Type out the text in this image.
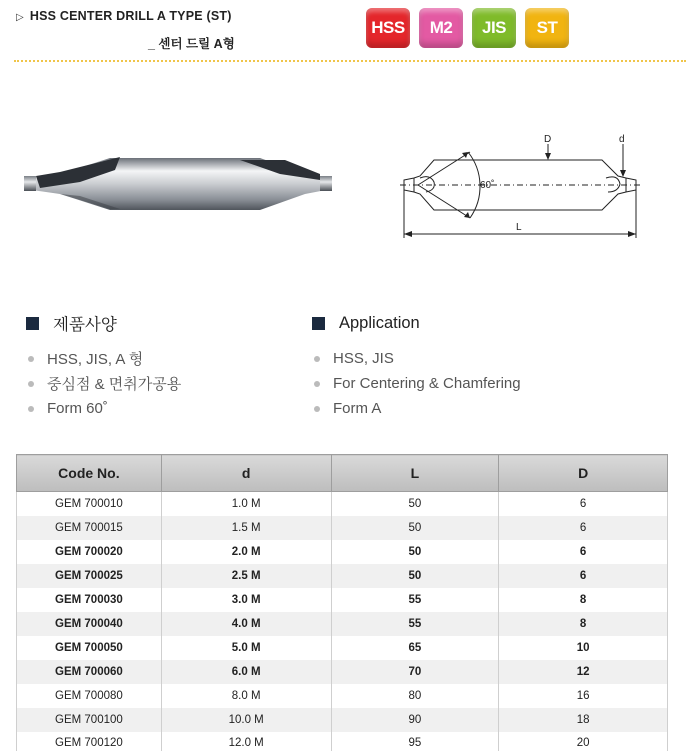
▷ HSS CENTER DRILL A TYPE (ST)
_ 센터 드릴 A형
HSS	M2	JIS	ST
D	d
L
60˚
제품사양
HSS, JIS, A 형
중심점 & 면취가공용
Form 60˚
Application
HSS, JIS
For Centering & Chamfering
Form A
Code No.	d	L	D
GEM 700010	1.0 M	50	6
GEM 700015	1.5 M	50	6
GEM 700020	2.0 M	50	6
GEM 700025	2.5 M	50	6
GEM 700030	3.0 M	55	8
GEM 700040	4.0 M	55	8
GEM 700050	5.0 M	65	10
GEM 700060	6.0 M	70	12
GEM 700080	8.0 M	80	16
GEM 700100	10.0 M	90	18
GEM 700120	12.0 M	95	20
